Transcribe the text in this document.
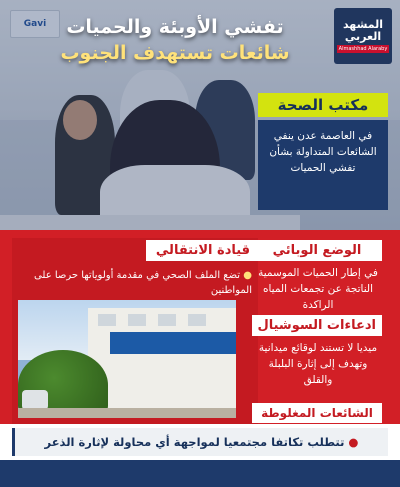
Gavi	المشهد العربي
Almashhad Alaraby
تفشي الأوبئة والحميات
شائعات تستهدف الجنوب
مكتب الصحة
في العاصمة عدن ينفي الشائعات المتداولة بشأن تفشي الحميات
قيادة الانتقالي
● تضع الملف الصحي في مقدمة أولوياتها حرصا على المواطنين
الوضع الوبائي
في إطار الحميات الموسمية الناتجة عن تجمعات المياه الراكدة
ادعاءات السوشيال
ميديا لا تستند لوقائع ميدانية وتهدف إلى إثارة البلبلة والقلق
الشائعات المغلوطة
●
تتطلب تكاتفا مجتمعيا لمواجهة أي محاولة لإثارة الذعر
